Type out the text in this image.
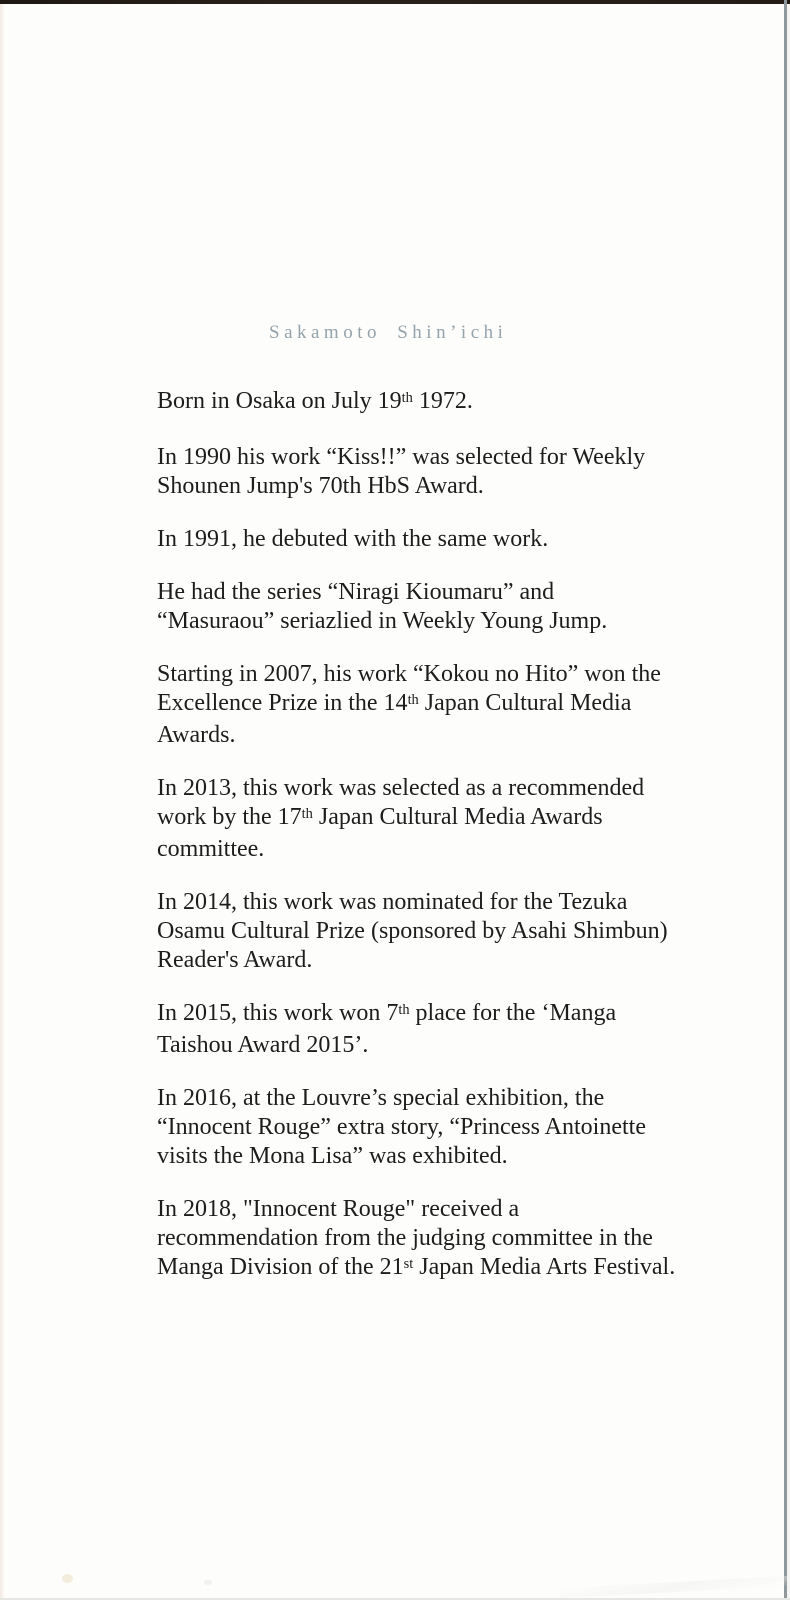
Sakamoto Shin’ichi
Born in Osaka on July 19th 1972.
In 1990 his work “Kiss!!” was selected for Weekly
Shounen Jump's 70th HbS Award.
In 1991, he debuted with the same work.
He had the series “Niragi Kioumaru” and
“Masuraou” seriazlied in Weekly Young Jump.
Starting in 2007, his work “Kokou no Hito” won the
Excellence Prize in the 14th Japan Cultural Media
Awards.
In 2013, this work was selected as a recommended
work by the 17th Japan Cultural Media Awards
committee.
In 2014, this work was nominated for the Tezuka
Osamu Cultural Prize (sponsored by Asahi Shimbun)
Reader's Award.
In 2015, this work won 7th place for the ‘Manga
Taishou Award 2015’.
In 2016, at the Louvre’s special exhibition, the
“Innocent Rouge” extra story, “Princess Antoinette
visits the Mona Lisa” was exhibited.
In 2018, "Innocent Rouge" received a
recommendation from the judging committee in the
Manga Division of the 21st Japan Media Arts Festival.
